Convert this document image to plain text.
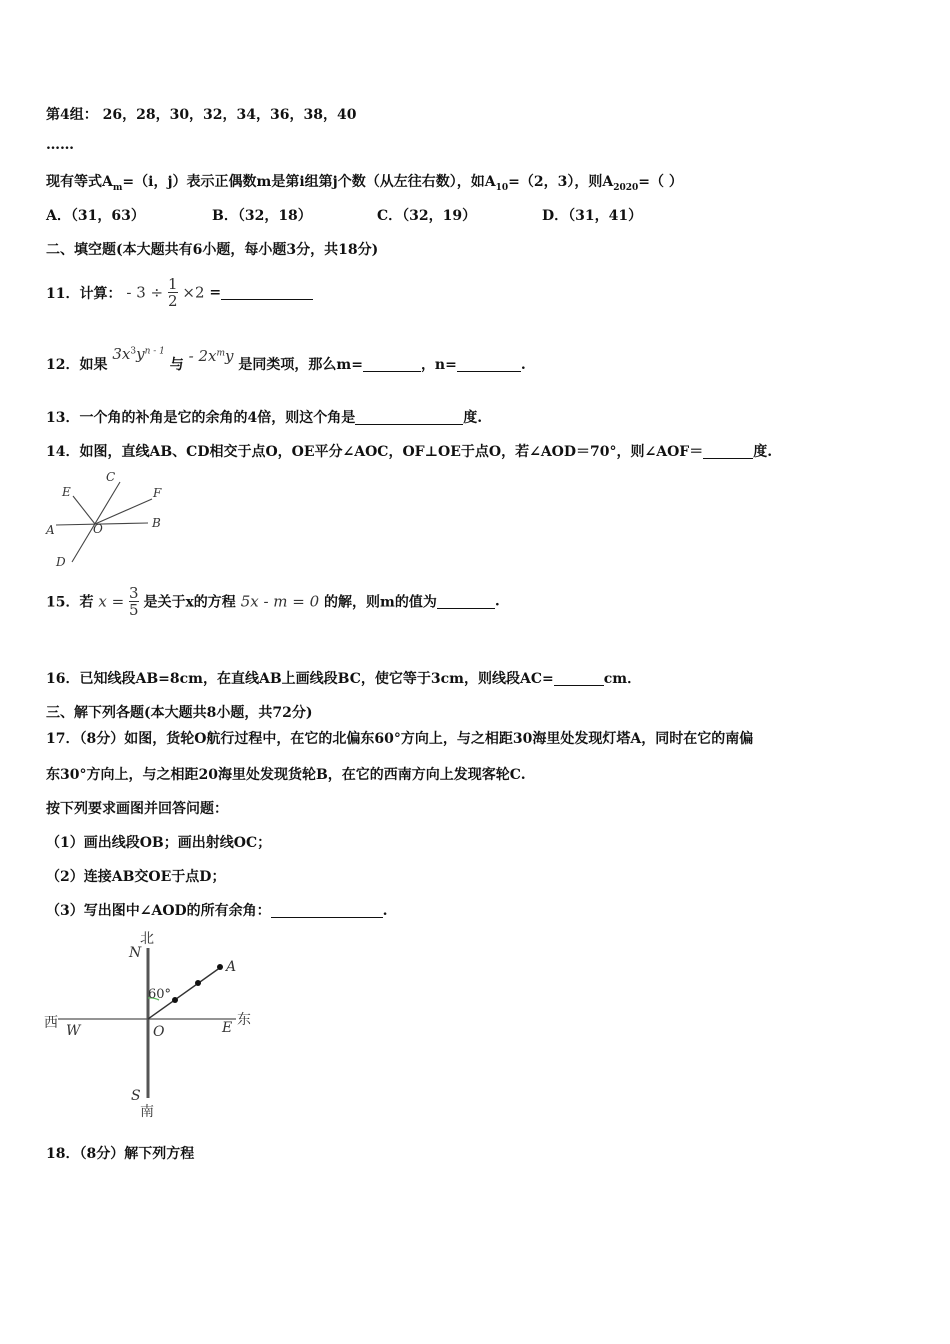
第4组： 26，28，30，32，34，36，38，40
……
现有等式$A_m=(i$，j）表示正偶数m是第i组第j个数（从左往右数），如$A_{10}=(2$，3），则$A_{2020}=$（ ）
A．（31，63）	B．（32，18）	C．（32，19）	D．（31，41）
二、填空题(本大题共有6小题，每小题3分，共18分)
11．计算： - $3 \div \frac{1}{2} \times 2$ =
12．如果 $3x^3y^{n - 1}$ 与 - $2x^my$ 是同类项，那么m=	，n=	.
13．一个角的补角是它的余角的4倍，则这个角是	度.
14．如图，直线AB、CD相交于点O，OE平分∠AOC，OF⊥OE于点O，若∠AOD＝70°，则∠AOF＝	度.
E
C
F
A	O	B
D
15．若 $x = \frac{3}{5}$ 是关于x的方程 5x - m = 0 的解，则m的值为	.
16．已知线段AB=8cm，在直线AB上画线段BC，使它等于3cm，则线段AC=	cm．
三、解下列各题(本大题共8小题，共72分)
17．（8分）如图，货轮O航行过程中，在它的北偏东60°方向上，与之相距30海里处发现灯塔A，同时在它的南偏
东30°方向上，与之相距20海里处发现货轮B，在它的西南方向上发现客轮C.
按下列要求画图并回答问题：
（1）画出线段OB；画出射线OC；
（2）连接AB交OE于点D；
（3）写出图中∠AOD的所有余角：	.
北
N
A
60°
西 W	O	E 东
S
南
18．（8分）解下列方程
